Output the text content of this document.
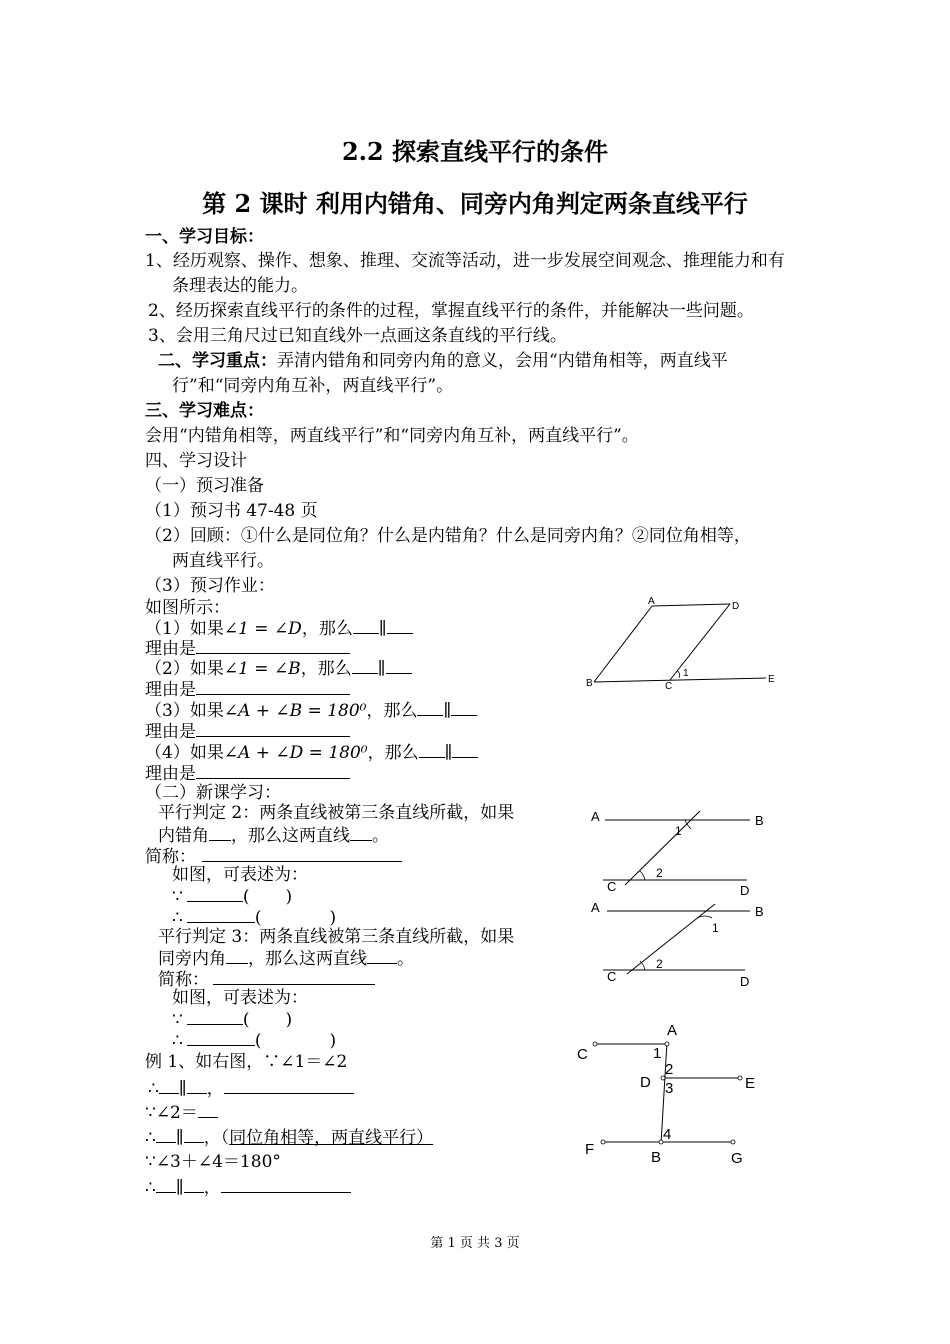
2.2 探索直线平行的条件
第 2 课时 利用内错角、同旁内角判定两条直线平行
一、学习目标：
1、经历观察、操作、想象、推理、交流等活动，进一步发展空间观念、推理能力和有
条理表达的能力。
2、经历探索直线平行的条件的过程，掌握直线平行的条件，并能解决一些问题。
3、会用三角尺过已知直线外一点画这条直线的平行线。
二、学习重点：弄清内错角和同旁内角的意义，会用“内错角相等，两直线平
行”和“同旁内角互补，两直线平行”。
三、学习难点：
会用“内错角相等，两直线平行”和“同旁内角互补，两直线平行”。
四、学习设计
（一）预习准备
（1）预习书 47-48 页
（2）回顾：①什么是同位角？什么是内错角？什么是同旁内角？②同位角相等，
两直线平行。
（3）预习作业：
如图所示：
（1）如果∠1 = ∠D，那么 ∥
理由是
（2）如果∠1 = ∠B，那么 ∥
理由是
（3）如果∠A + ∠B = 180⁰，那么 ∥
理由是
（4）如果∠A + ∠D = 180⁰，那么 ∥
理由是
（二）新课学习：
平行判定 2：两条直线被第三条直线所截，如果
内错角 ，那么这两直线 。
简称：
如图，可表述为：
∵	( )
∴	(	)
平行判定 3：两条直线被第三条直线所截，如果
同旁内角 ，那么这两直线 。
简称：
如图，可表述为：
∵	( )
∴	(	)
例 1、如右图，∵∠1＝∠2
∴ ∥ ，
∵∠2＝
∴ ∥ ，（同位角相等，两直线平行）
∵∠3＋∠4＝180°
∴ ∥ ，
A	D
B	C
1
E
A	B
1
2
C	D
A	B
1
2
C	D
A
C	1
2
D 3	E
4
F	B	G
第 1 页 共 3 页
